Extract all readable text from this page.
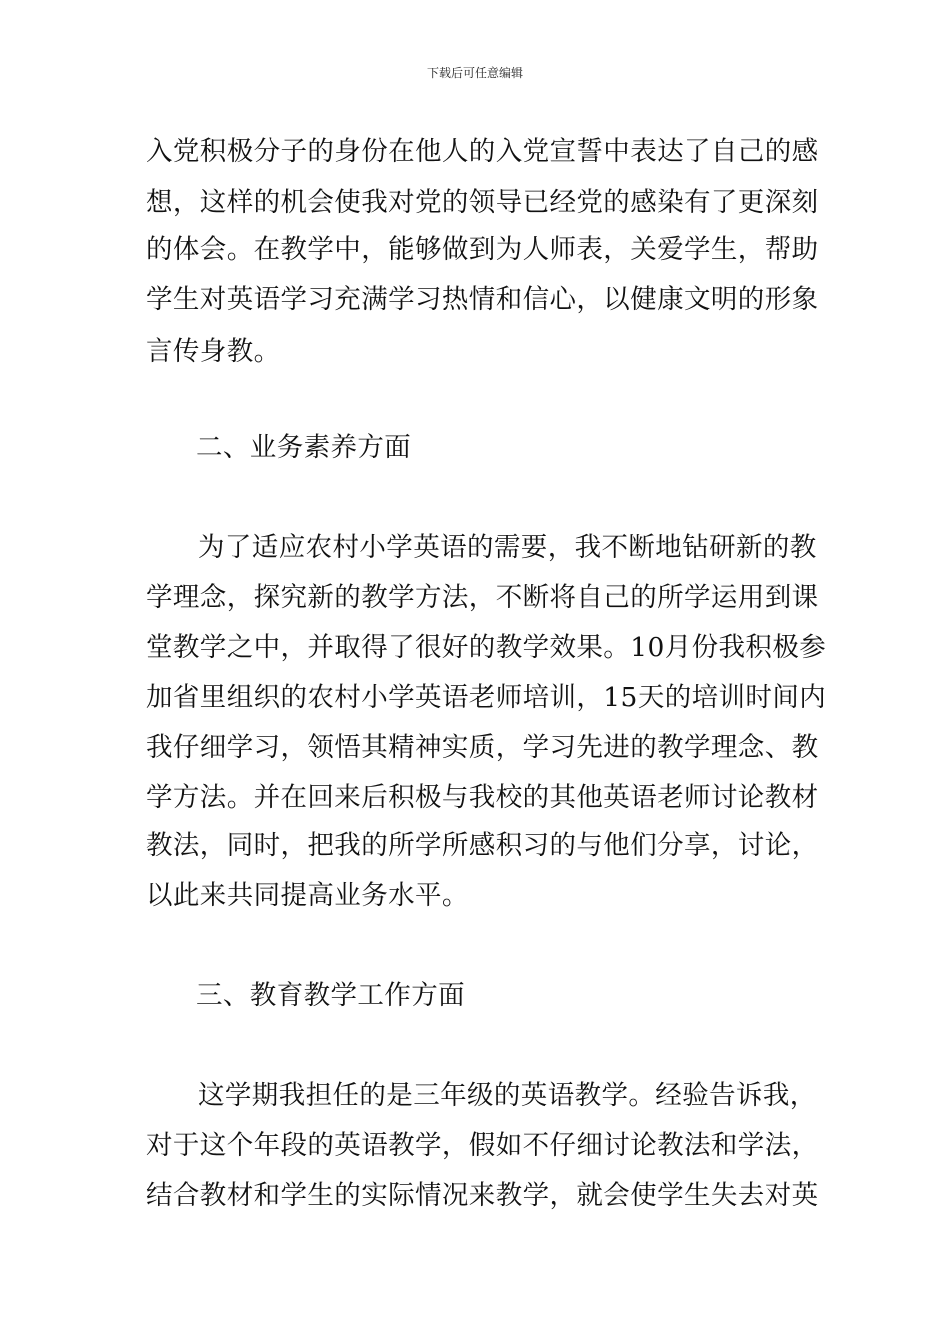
下载后可任意编辑
入党积极分子的身份在他人的入党宣誓中表达了自己的感
想，这样的机会使我对党的领导已经党的感染有了更深刻
的体会。在教学中，能够做到为人师表，关爱学生，帮助
学生对英语学习充满学习热情和信心，以健康文明的形象
言传身教。
二、业务素养方面
为了适应农村小学英语的需要，我不断地钻研新的教
学理念，探究新的教学方法，不断将自己的所学运用到课
堂教学之中，并取得了很好的教学效果。10月份我积极参
加省里组织的农村小学英语老师培训，15天的培训时间内
我仔细学习，领悟其精神实质，学习先进的教学理念、教
学方法。并在回来后积极与我校的其他英语老师讨论教材
教法，同时，把我的所学所感积习的与他们分享，讨论，
以此来共同提高业务水平。
三、教育教学工作方面
这学期我担任的是三年级的英语教学。经验告诉我，
对于这个年段的英语教学，假如不仔细讨论教法和学法，
结合教材和学生的实际情况来教学，就会使学生失去对英
